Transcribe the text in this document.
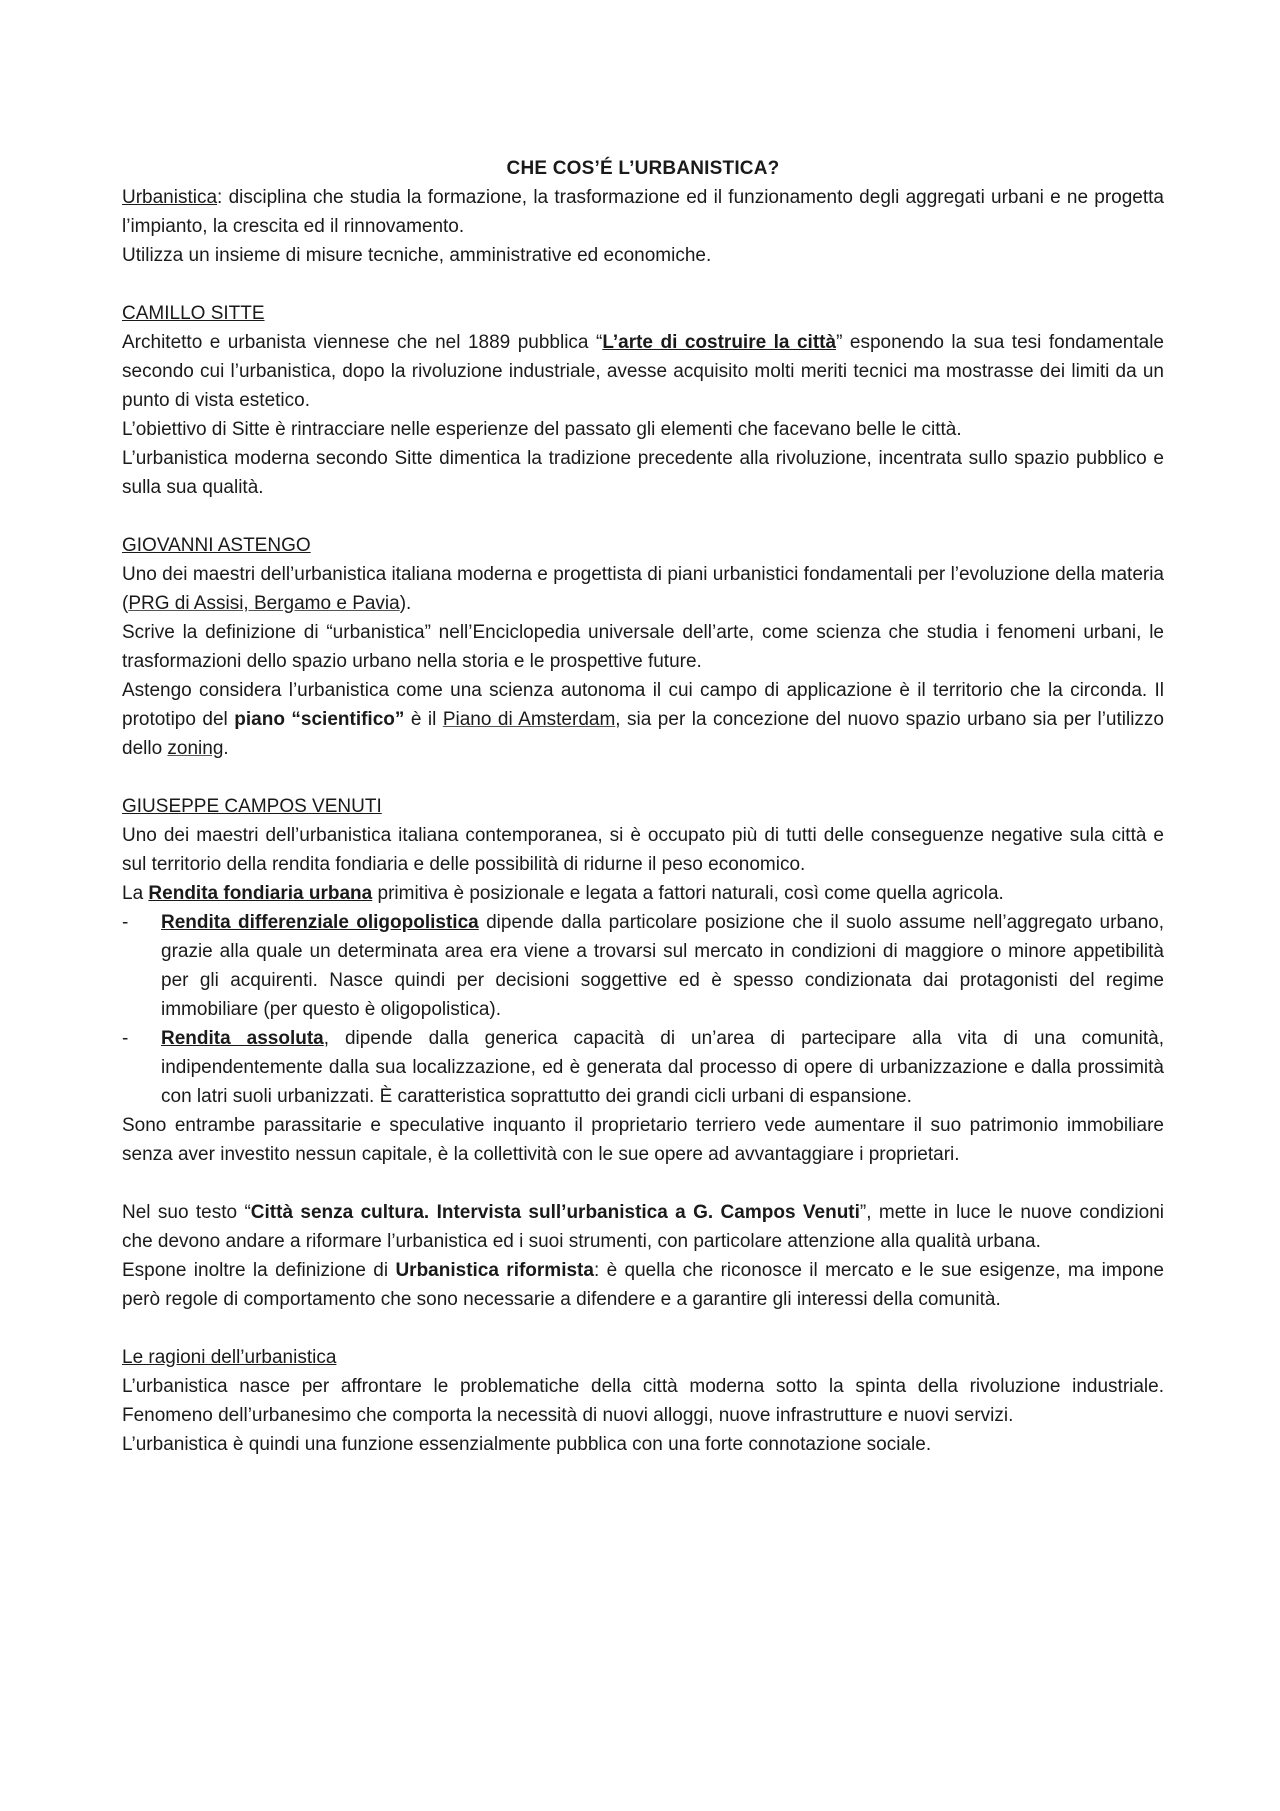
CHE COS’É L’URBANISTICA?

Urbanistica: disciplina che studia la formazione, la trasformazione ed il funzionamento degli aggregati urbani e ne progetta l’impianto, la crescita ed il rinnovamento.

Utilizza un insieme di misure tecniche, amministrative ed economiche.

CAMILLO SITTE

Architetto e urbanista viennese che nel 1889 pubblica “L’arte di costruire la città” esponendo la sua tesi fondamentale secondo cui l’urbanistica, dopo la rivoluzione industriale, avesse acquisito molti meriti tecnici ma mostrasse dei limiti da un punto di vista estetico.

L’obiettivo di Sitte è rintracciare nelle esperienze del passato gli elementi che facevano belle le città.

L’urbanistica moderna secondo Sitte dimentica la tradizione precedente alla rivoluzione, incentrata sullo spazio pubblico e sulla sua qualità.

GIOVANNI ASTENGO

Uno dei maestri dell’urbanistica italiana moderna e progettista di piani urbanistici fondamentali per l’evoluzione della materia (PRG di Assisi, Bergamo e Pavia).

Scrive la definizione di “urbanistica” nell’Enciclopedia universale dell’arte, come scienza che studia i fenomeni urbani, le trasformazioni dello spazio urbano nella storia e le prospettive future.

Astengo considera l’urbanistica come una scienza autonoma il cui campo di applicazione è il territorio che la circonda. Il prototipo del piano “scientifico” è il Piano di Amsterdam, sia per la concezione del nuovo spazio urbano sia per l’utilizzo dello zoning.

GIUSEPPE CAMPOS VENUTI

Uno dei maestri dell’urbanistica italiana contemporanea, si è occupato più di tutti delle conseguenze negative sula città e sul territorio della rendita fondiaria e delle possibilità di ridurne il peso economico.

La Rendita fondiaria urbana primitiva è posizionale e legata a fattori naturali, così come quella agricola.

-	Rendita differenziale oligopolistica dipende dalla particolare posizione che il suolo assume nell’aggregato urbano, grazie alla quale un determinata area era viene a trovarsi sul mercato in condizioni di maggiore o minore appetibilità per gli acquirenti. Nasce quindi per decisioni soggettive ed è spesso condizionata dai protagonisti del regime immobiliare (per questo è oligopolistica).
-	Rendita assoluta, dipende dalla generica capacità di un’area di partecipare alla vita di una comunità, indipendentemente dalla sua localizzazione, ed è generata dal processo di opere di urbanizzazione e dalla prossimità con latri suoli urbanizzati. È caratteristica soprattutto dei grandi cicli urbani di espansione.

Sono entrambe parassitarie e speculative inquanto il proprietario terriero vede aumentare il suo patrimonio immobiliare senza aver investito nessun capitale, è la collettività con le sue opere ad avvantaggiare i proprietari.

Nel suo testo “Città senza cultura. Intervista sull’urbanistica a G. Campos Venuti”, mette in luce le nuove condizioni che devono andare a riformare l’urbanistica ed i suoi strumenti, con particolare attenzione alla qualità urbana.

Espone inoltre la definizione di Urbanistica riformista: è quella che riconosce il mercato e le sue esigenze, ma impone però regole di comportamento che sono necessarie a difendere e a garantire gli interessi della comunità.

Le ragioni dell’urbanistica

L’urbanistica nasce per affrontare le problematiche della città moderna sotto la spinta della rivoluzione industriale. Fenomeno dell’urbanesimo che comporta la necessità di nuovi alloggi, nuove infrastrutture e nuovi servizi.

L’urbanistica è quindi una funzione essenzialmente pubblica con una forte connotazione sociale.
